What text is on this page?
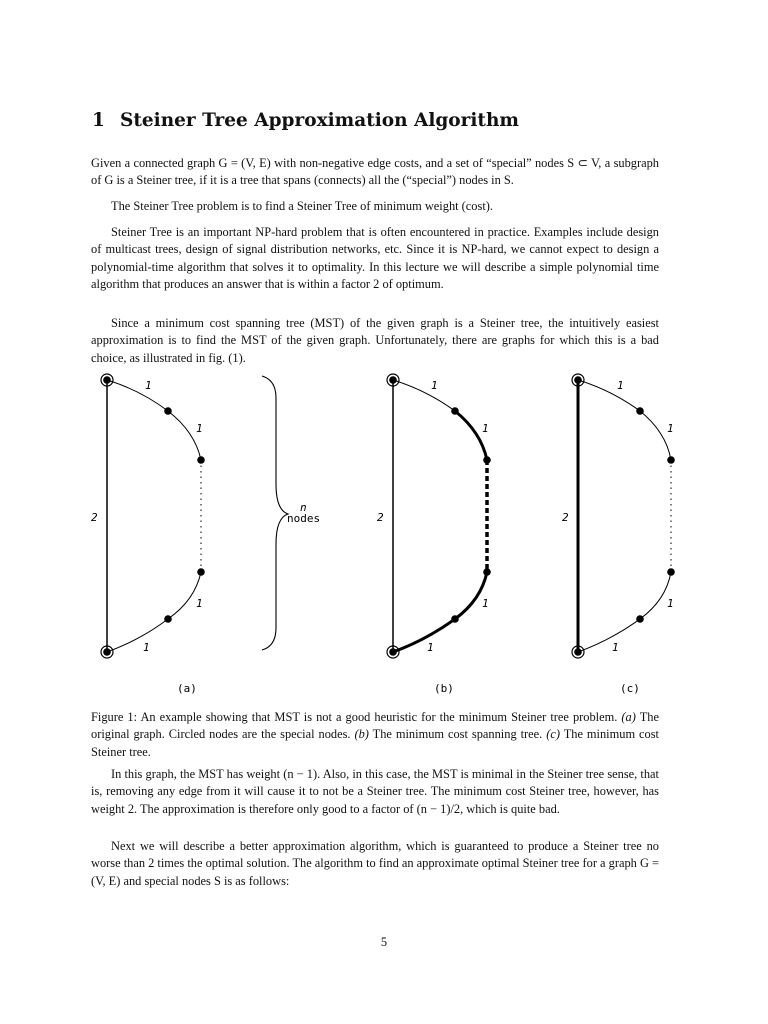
1 Steiner Tree Approximation Algorithm

Given a connected graph G = (V, E) with non-negative edge costs, and a set of “special” nodes S ⊂ V, a subgraph of G is a Steiner tree, if it is a tree that spans (connects) all the (“special”) nodes in S.

The Steiner Tree problem is to find a Steiner Tree of minimum weight (cost).

Steiner Tree is an important NP-hard problem that is often encountered in practice. Examples include design of multicast trees, design of signal distribution networks, etc. Since it is NP-hard, we cannot expect to design a polynomial-time algorithm that solves it to optimality. In this lecture we will describe a simple polynomial time algorithm that produces an answer that is within a factor 2 of optimum.

Since a minimum cost spanning tree (MST) of the given graph is a Steiner tree, the intuitively easiest approximation is to find the MST of the given graph. Unfortunately, there are graphs for which this is a bad choice, as illustrated in fig. (1).

1
1
1
1
2
(a)
n
nodes
1
1
1
1
2
(b)
1
1
1
1
2
(c)

Figure 1: An example showing that MST is not a good heuristic for the minimum Steiner tree problem. (a) The original graph. Circled nodes are the special nodes. (b) The minimum cost spanning tree. (c) The minimum cost Steiner tree.

In this graph, the MST has weight (n − 1). Also, in this case, the MST is minimal in the Steiner tree sense, that is, removing any edge from it will cause it to not be a Steiner tree. The minimum cost Steiner tree, however, has weight 2. The approximation is therefore only good to a factor of (n − 1)/2, which is quite bad.

Next we will describe a better approximation algorithm, which is guaranteed to produce a Steiner tree no worse than 2 times the optimal solution. The algorithm to find an approximate optimal Steiner tree for a graph G = (V, E) and special nodes S is as follows:

5
